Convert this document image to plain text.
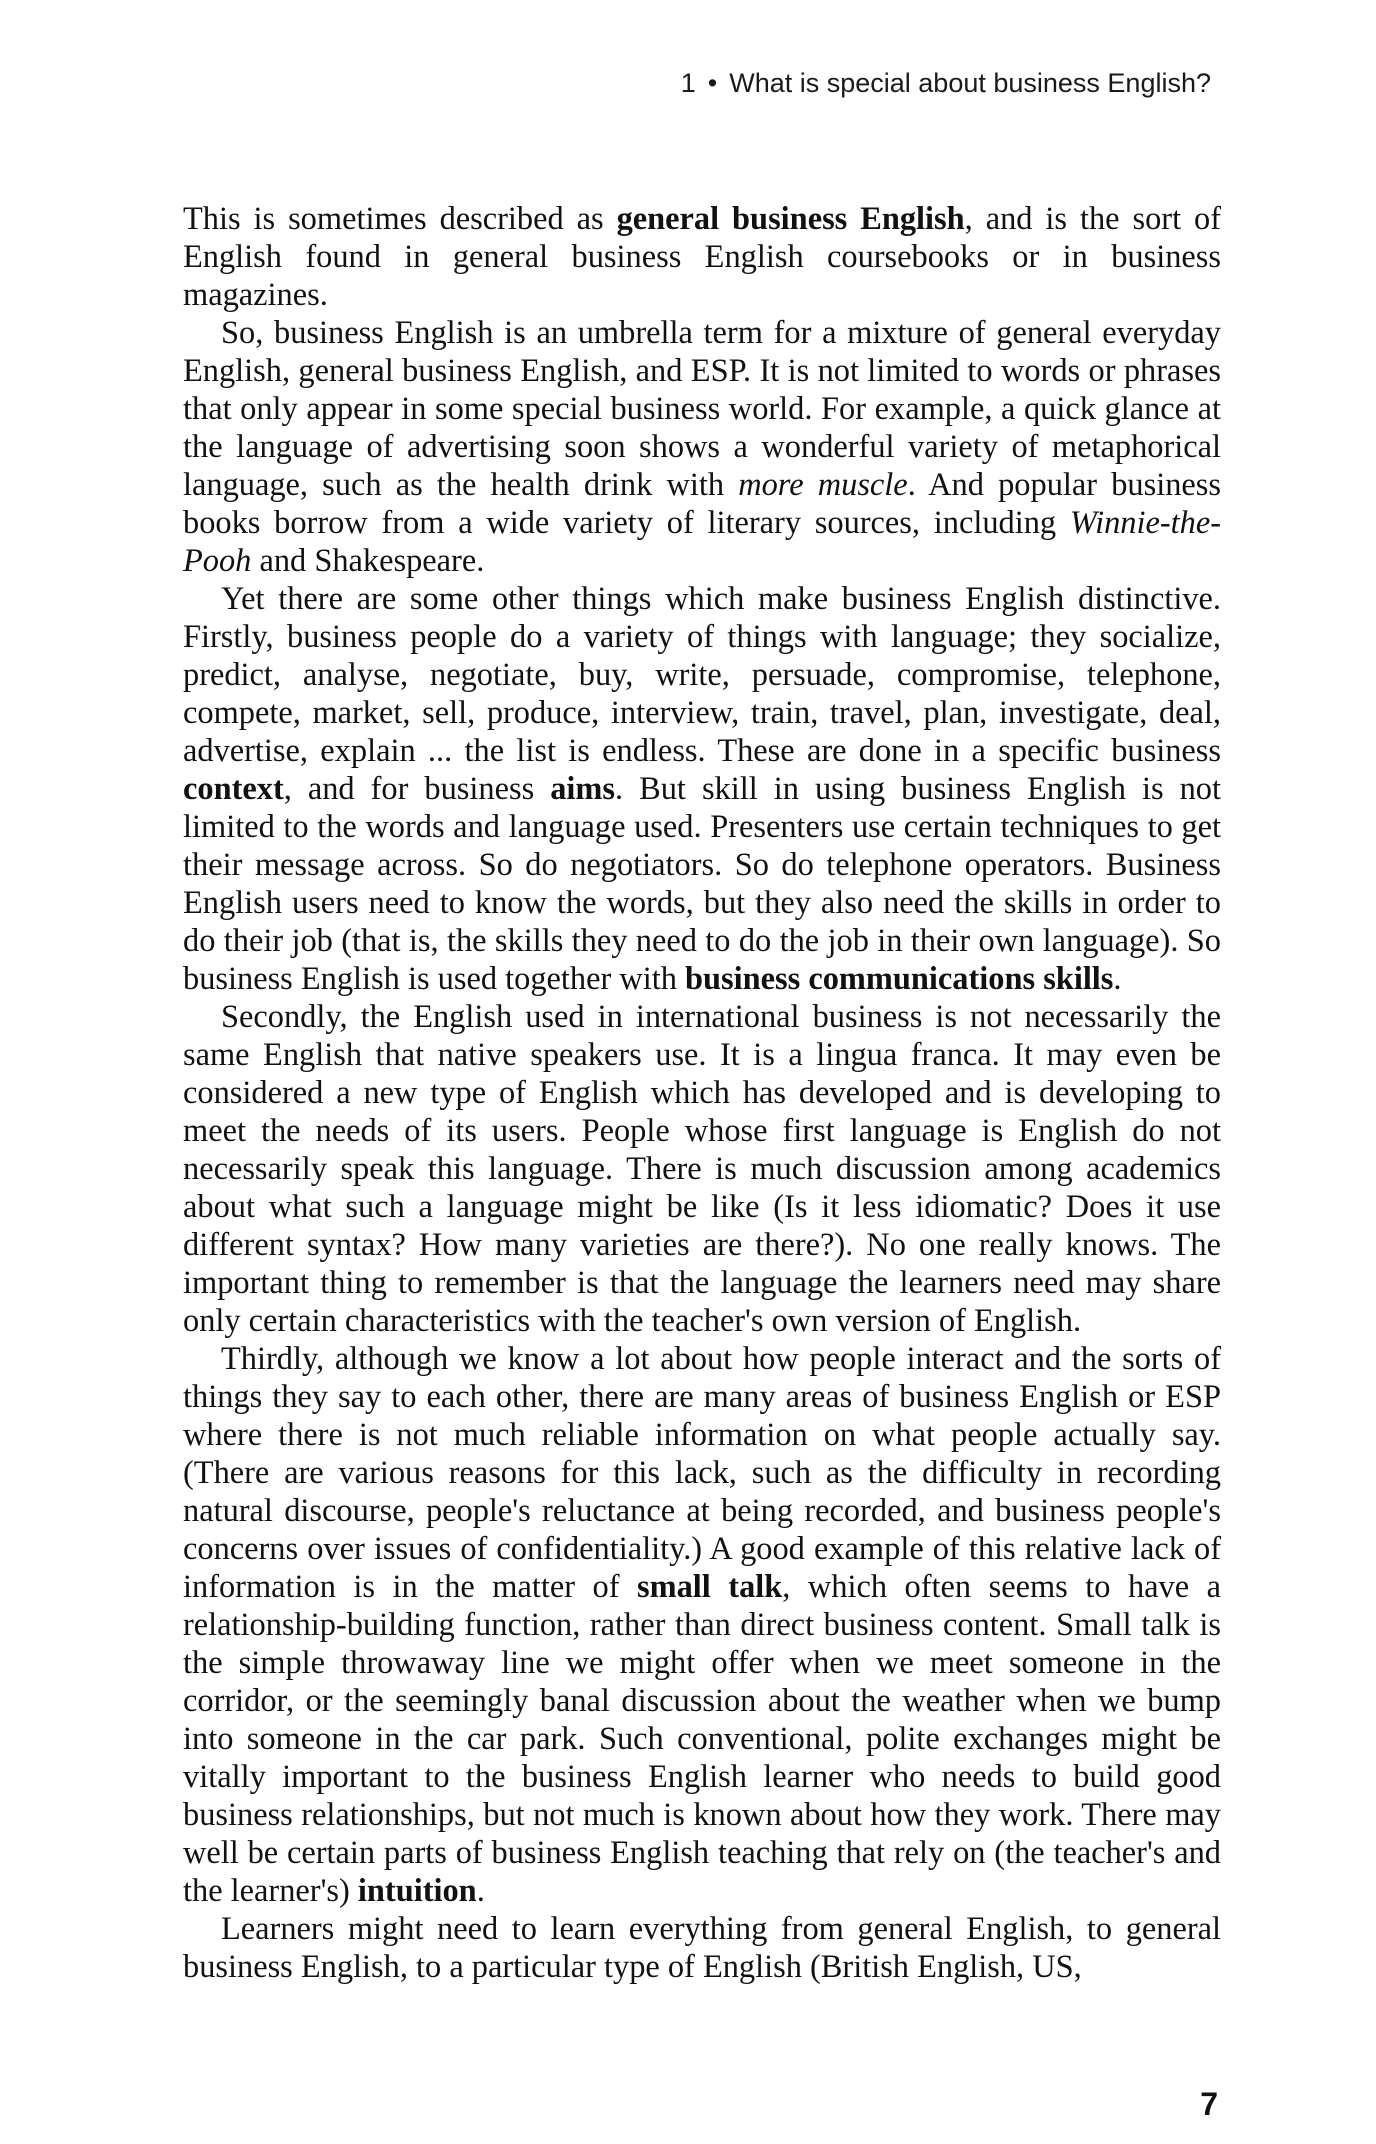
1 • What is special about business English?

This is sometimes described as general business English, and is the sort of English found in general business English coursebooks or in business magazines.

So, business English is an umbrella term for a mixture of general everyday English, general business English, and ESP. It is not limited to words or phrases that only appear in some special business world. For example, a quick glance at the language of advertising soon shows a wonderful variety of metaphorical language, such as the health drink with more muscle. And popular business books borrow from a wide variety of literary sources, including Winnie-the-Pooh and Shakespeare.

Yet there are some other things which make business English distinctive. Firstly, business people do a variety of things with language; they socialize, predict, analyse, negotiate, buy, write, persuade, compromise, telephone, compete, market, sell, produce, interview, train, travel, plan, investigate, deal, advertise, explain ... the list is endless. These are done in a specific business context, and for business aims. But skill in using business English is not limited to the words and language used. Presenters use certain techniques to get their message across. So do negotiators. So do telephone operators. Business English users need to know the words, but they also need the skills in order to do their job (that is, the skills they need to do the job in their own language). So business English is used together with business communications skills.

Secondly, the English used in international business is not necessarily the same English that native speakers use. It is a lingua franca. It may even be considered a new type of English which has developed and is developing to meet the needs of its users. People whose first language is English do not necessarily speak this language. There is much discussion among academics about what such a language might be like (Is it less idiomatic? Does it use different syntax? How many varieties are there?). No one really knows. The important thing to remember is that the language the learners need may share only certain characteristics with the teacher's own version of English.

Thirdly, although we know a lot about how people interact and the sorts of things they say to each other, there are many areas of business English or ESP where there is not much reliable information on what people actually say. (There are various reasons for this lack, such as the difficulty in recording natural discourse, people's reluctance at being recorded, and business people's concerns over issues of confidentiality.) A good example of this relative lack of information is in the matter of small talk, which often seems to have a relationship-building function, rather than direct business content. Small talk is the simple throwaway line we might offer when we meet someone in the corridor, or the seemingly banal discussion about the weather when we bump into someone in the car park. Such conventional, polite exchanges might be vitally important to the business English learner who needs to build good business relationships, but not much is known about how they work. There may well be certain parts of business English teaching that rely on (the teacher's and the learner's) intuition.

Learners might need to learn everything from general English, to general business English, to a particular type of English (British English, US,

7
